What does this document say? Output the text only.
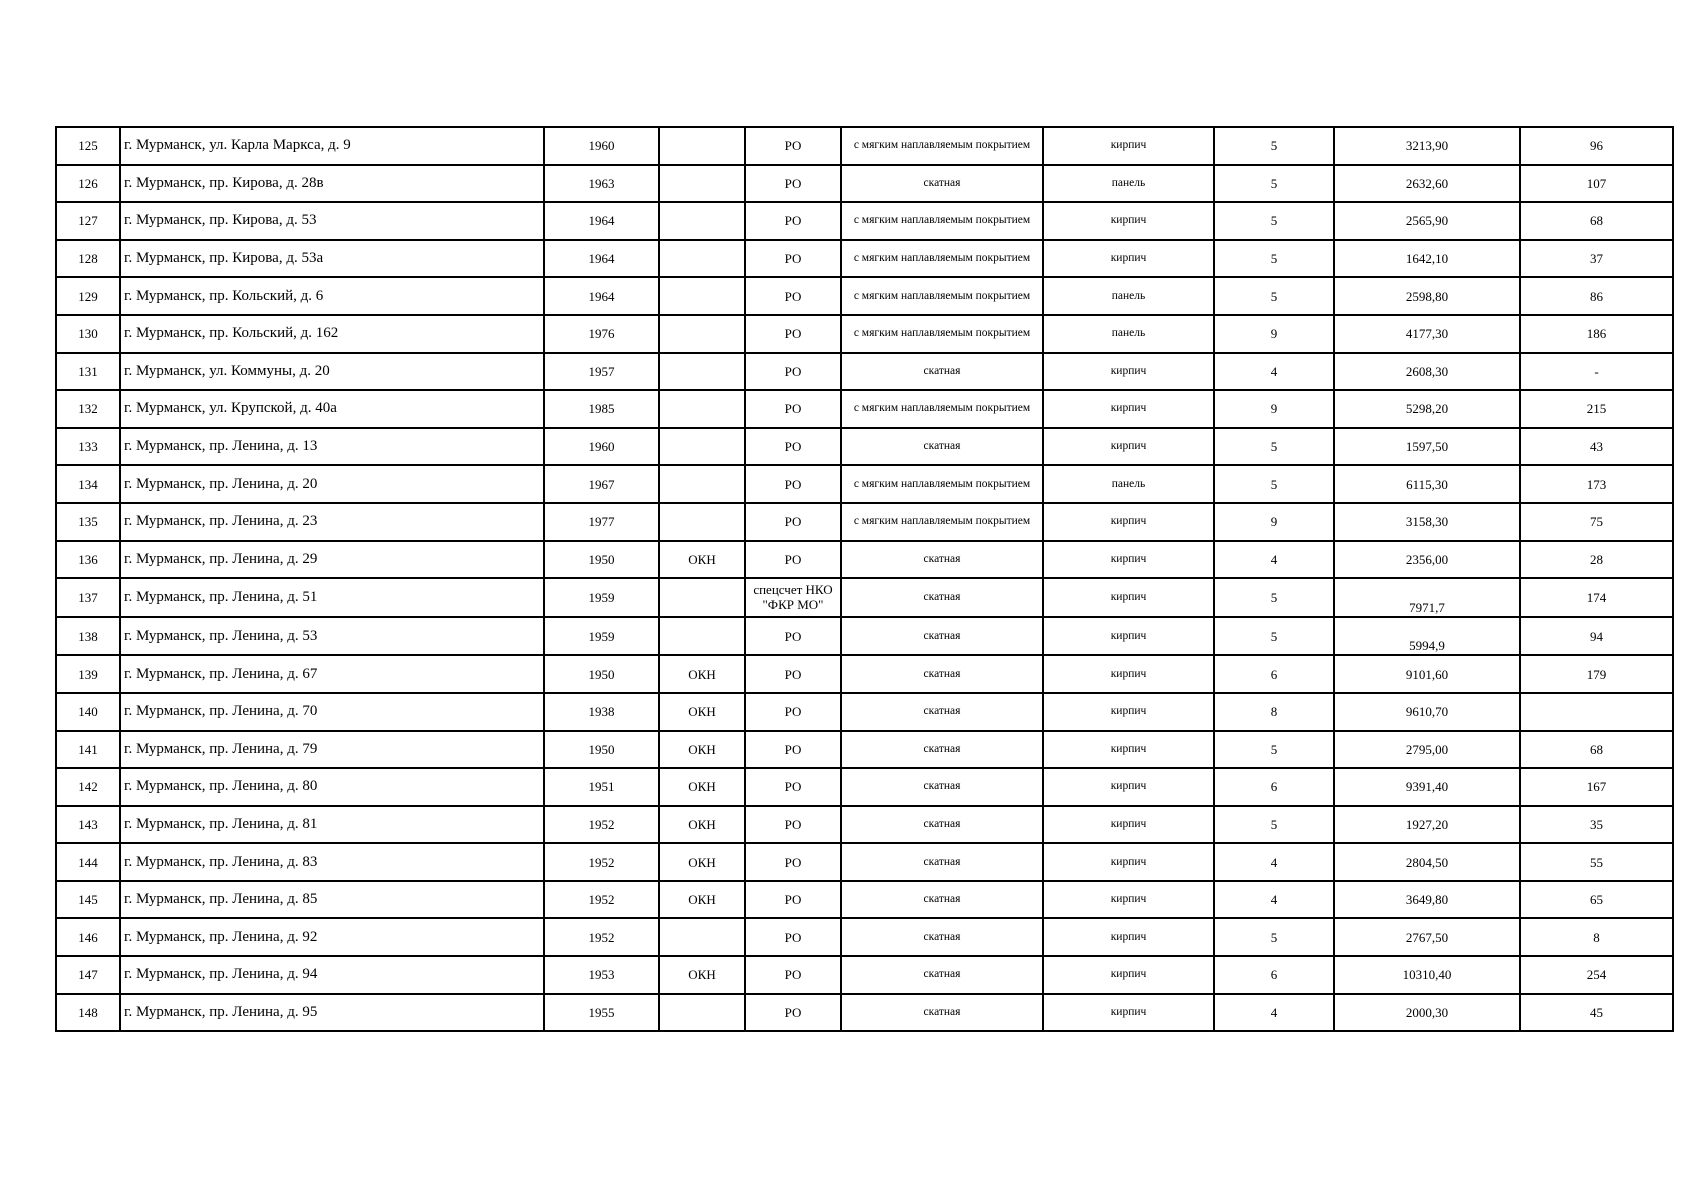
125	г. Мурманск, ул. Карла Маркса, д. 9	1960		РО	с мягким наплавляемым покрытием	кирпич	5	3213,90	96
126	г. Мурманск, пр. Кирова, д. 28в	1963		РО	скатная	панель	5	2632,60	107
127	г. Мурманск, пр. Кирова, д. 53	1964		РО	с мягким наплавляемым покрытием	кирпич	5	2565,90	68
128	г. Мурманск, пр. Кирова, д. 53а	1964		РО	с мягким наплавляемым покрытием	кирпич	5	1642,10	37
129	г. Мурманск, пр. Кольский, д. 6	1964		РО	с мягким наплавляемым покрытием	панель	5	2598,80	86
130	г. Мурманск, пр. Кольский, д. 162	1976		РО	с мягким наплавляемым покрытием	панель	9	4177,30	186
131	г. Мурманск, ул. Коммуны, д. 20	1957		РО	скатная	кирпич	4	2608,30	-
132	г. Мурманск, ул. Крупской, д. 40а	1985		РО	с мягким наплавляемым покрытием	кирпич	9	5298,20	215
133	г. Мурманск, пр. Ленина, д. 13	1960		РО	скатная	кирпич	5	1597,50	43
134	г. Мурманск, пр. Ленина, д. 20	1967		РО	с мягким наплавляемым покрытием	панель	5	6115,30	173
135	г. Мурманск, пр. Ленина, д. 23	1977		РО	с мягким наплавляемым покрытием	кирпич	9	3158,30	75
136	г. Мурманск, пр. Ленина, д. 29	1950	ОКН	РО	скатная	кирпич	4	2356,00	28
137	г. Мурманск, пр. Ленина, д. 51	1959		спецсчет НКО "ФКР МО"	скатная	кирпич	5	7971,7	174
138	г. Мурманск, пр. Ленина, д. 53	1959		РО	скатная	кирпич	5	5994,9	94
139	г. Мурманск, пр. Ленина, д. 67	1950	ОКН	РО	скатная	кирпич	6	9101,60	179
140	г. Мурманск, пр. Ленина, д. 70	1938	ОКН	РО	скатная	кирпич	8	9610,70	
141	г. Мурманск, пр. Ленина, д. 79	1950	ОКН	РО	скатная	кирпич	5	2795,00	68
142	г. Мурманск, пр. Ленина, д. 80	1951	ОКН	РО	скатная	кирпич	6	9391,40	167
143	г. Мурманск, пр. Ленина, д. 81	1952	ОКН	РО	скатная	кирпич	5	1927,20	35
144	г. Мурманск, пр. Ленина, д. 83	1952	ОКН	РО	скатная	кирпич	4	2804,50	55
145	г. Мурманск, пр. Ленина, д. 85	1952	ОКН	РО	скатная	кирпич	4	3649,80	65
146	г. Мурманск, пр. Ленина, д. 92	1952		РО	скатная	кирпич	5	2767,50	8
147	г. Мурманск, пр. Ленина, д. 94	1953	ОКН	РО	скатная	кирпич	6	10310,40	254
148	г. Мурманск, пр. Ленина, д. 95	1955		РО	скатная	кирпич	4	2000,30	45
